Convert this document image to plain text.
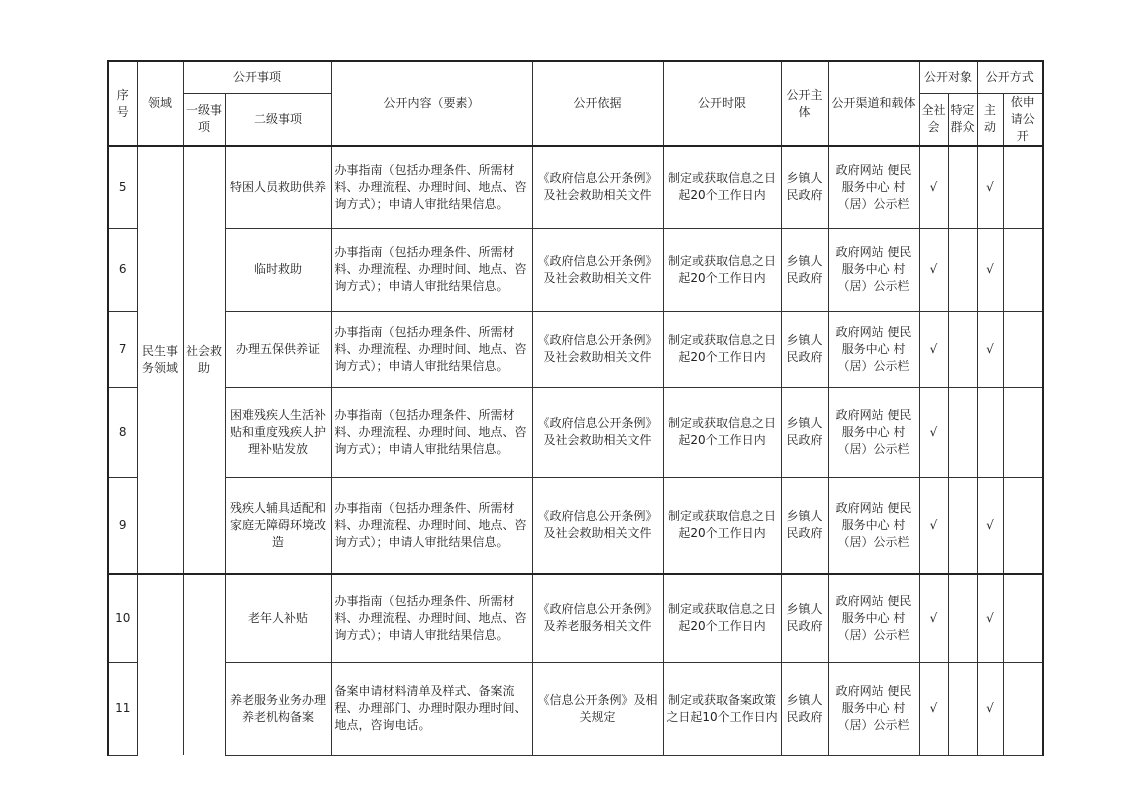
序号	领域	公开事项		公开内容（要素）	公开依据	公开时限	公开主体	公开渠道和载体	公开对象		公开方式	
		一级事项	二级事项						全社会	特定群众	主动	依申请公开
5	民生事务领域	社会救助	特困人员救助供养	办事指南（包括办理条件、所需材料、办理流程、办理时间、地点、咨询方式）；申请人审批结果信息。	《政府信息公开条例》及社会救助相关文件	制定或获取信息之日起20个工作日内	乡镇人民政府	政府网站 便民服务中心 村（居）公示栏	√		√	
6			临时救助	办事指南（包括办理条件、所需材料、办理流程、办理时间、地点、咨询方式）；申请人审批结果信息。	《政府信息公开条例》及社会救助相关文件	制定或获取信息之日起20个工作日内	乡镇人民政府	政府网站 便民服务中心 村（居）公示栏	√		√	
7			办理五保供养证	办事指南（包括办理条件、所需材料、办理流程、办理时间、地点、咨询方式）；申请人审批结果信息。	《政府信息公开条例》及社会救助相关文件	制定或获取信息之日起20个工作日内	乡镇人民政府	政府网站 便民服务中心 村（居）公示栏	√		√	
8			困难残疾人生活补贴和重度残疾人护理补贴发放	办事指南（包括办理条件、所需材料、办理流程、办理时间、地点、咨询方式）；申请人审批结果信息。	《政府信息公开条例》及社会救助相关文件	制定或获取信息之日起20个工作日内	乡镇人民政府	政府网站 便民服务中心 村（居）公示栏	√			
9			残疾人辅具适配和家庭无障碍环境改造	办事指南（包括办理条件、所需材料、办理流程、办理时间、地点、咨询方式）；申请人审批结果信息。	《政府信息公开条例》及社会救助相关文件	制定或获取信息之日起20个工作日内	乡镇人民政府	政府网站 便民服务中心 村（居）公示栏	√		√	
10			老年人补贴	办事指南（包括办理条件、所需材料、办理流程、办理时间、地点、咨询方式）；申请人审批结果信息。	《政府信息公开条例》及养老服务相关文件	制定或获取信息之日起20个工作日内	乡镇人民政府	政府网站 便民服务中心 村（居）公示栏	√		√	
11			养老服务业务办理养老机构备案	备案申请材料清单及样式、备案流程、办理部门、办理时限办理时间、地点，咨询电话。	《信息公开条例》及相关规定	制定或获取备案政策之日起10个工作日内	乡镇人民政府	政府网站 便民服务中心 村（居）公示栏	√		√	
